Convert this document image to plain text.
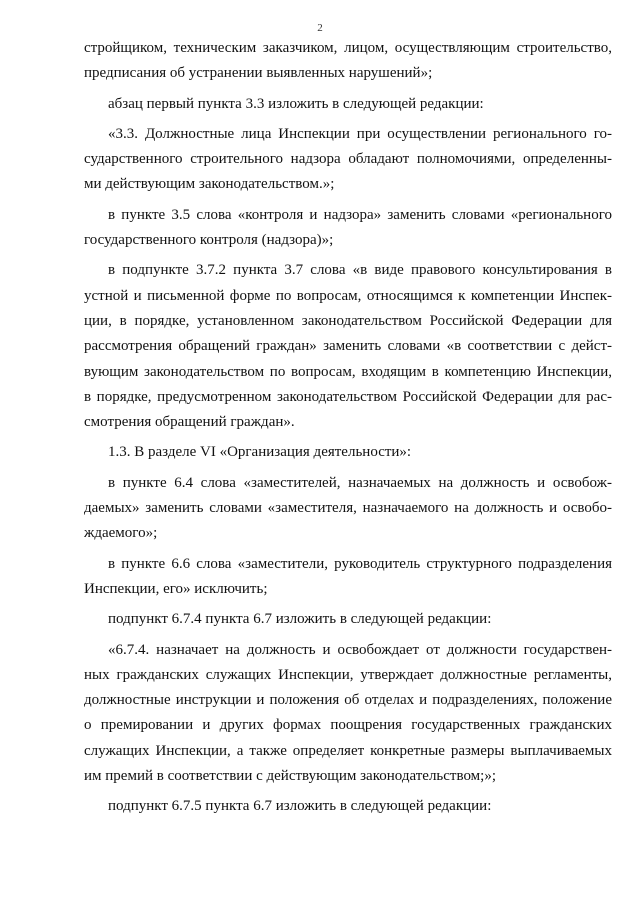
2
стройщиком, техническим заказчиком, лицом, осуществляющим строительство,
предписания об устранении выявленных нарушений»;
абзац первый пункта 3.3 изложить в следующей редакции:
«3.3. Должностные лица Инспекции при осуществлении регионального го-
сударственного строительного надзора обладают полномочиями, определенны-
ми действующим законодательством.»;
в пункте 3.5 слова «контроля и надзора» заменить словами «регионального
государственного контроля (надзора)»;
в подпункте 3.7.2 пункта 3.7 слова «в виде правового консультирования в
устной и письменной форме по вопросам, относящимся к компетенции Инспек-
ции, в порядке, установленном законодательством Российской Федерации для
рассмотрения обращений граждан» заменить словами «в соответствии с дейст-
вующим законодательством по вопросам, входящим в компетенцию Инспекции,
в порядке, предусмотренном законодательством Российской Федерации для рас-
смотрения обращений граждан».
1.3. В разделе VI «Организация деятельности»:
в пункте 6.4 слова «заместителей, назначаемых на должность и освобож-
даемых» заменить словами «заместителя, назначаемого на должность и освобо-
ждаемого»;
в пункте 6.6 слова «заместители, руководитель структурного подразделения
Инспекции, его» исключить;
подпункт 6.7.4 пункта 6.7 изложить в следующей редакции:
«6.7.4. назначает на должность и освобождает от должности государствен-
ных гражданских служащих Инспекции, утверждает должностные регламенты,
должностные инструкции и положения об отделах и подразделениях, положение
о премировании и других формах поощрения государственных гражданских
служащих Инспекции, а также определяет конкретные размеры выплачиваемых
им премий в соответствии с действующим законодательством;»;
подпункт 6.7.5 пункта 6.7 изложить в следующей редакции:
